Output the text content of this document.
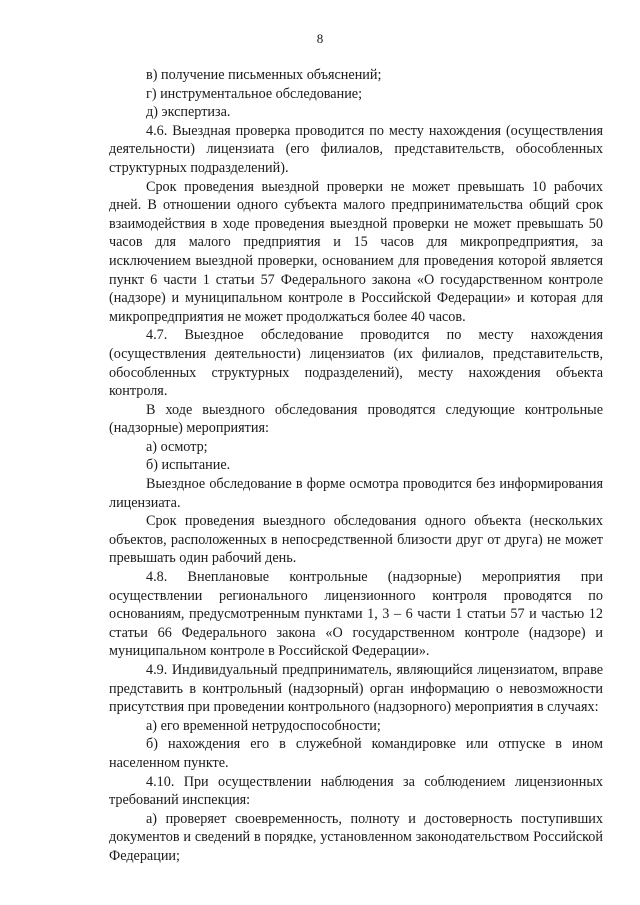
8

в) получение письменных объяснений;

г) инструментальное обследование;

д) экспертиза.

4.6. Выездная проверка проводится по месту нахождения (осуществления деятельности) лицензиата (его филиалов, представительств, обособленных структурных подразделений).

Срок проведения выездной проверки не может превышать 10 рабочих дней. В отношении одного субъекта малого предпринимательства общий срок взаимодействия в ходе проведения выездной проверки не может превышать 50 часов для малого предприятия и 15 часов для микропредприятия, за исключением выездной проверки, основанием для проведения которой является пункт 6 части 1 статьи 57 Федерального закона «О государственном контроле (надзоре) и муниципальном контроле в Российской Федерации» и которая для микропредприятия не может продолжаться более 40 часов.

4.7. Выездное обследование проводится по месту нахождения (осуществления деятельности) лицензиатов (их филиалов, представительств, обособленных структурных подразделений), месту нахождения объекта контроля.

В ходе выездного обследования проводятся следующие контрольные (надзорные) мероприятия:

а) осмотр;

б) испытание.

Выездное обследование в форме осмотра проводится без информирования лицензиата.

Срок проведения выездного обследования одного объекта (нескольких объектов, расположенных в непосредственной близости друг от друга) не может превышать один рабочий день.

4.8. Внеплановые контрольные (надзорные) мероприятия при осуществлении регионального лицензионного контроля проводятся по основаниям, предусмотренным пунктами 1, 3 – 6 части 1 статьи 57 и частью 12 статьи 66 Федерального закона «О государственном контроле (надзоре) и муниципальном контроле в Российской Федерации».

4.9. Индивидуальный предприниматель, являющийся лицензиатом, вправе представить в контрольный (надзорный) орган информацию о невозможности присутствия при проведении контрольного (надзорного) мероприятия в случаях:

а) его временной нетрудоспособности;

б) нахождения его в служебной командировке или отпуске в ином населенном пункте.

4.10. При осуществлении наблюдения за соблюдением лицензионных требований инспекция:

а) проверяет своевременность, полноту и достоверность поступивших документов и сведений в порядке, установленном законодательством Российской Федерации;
